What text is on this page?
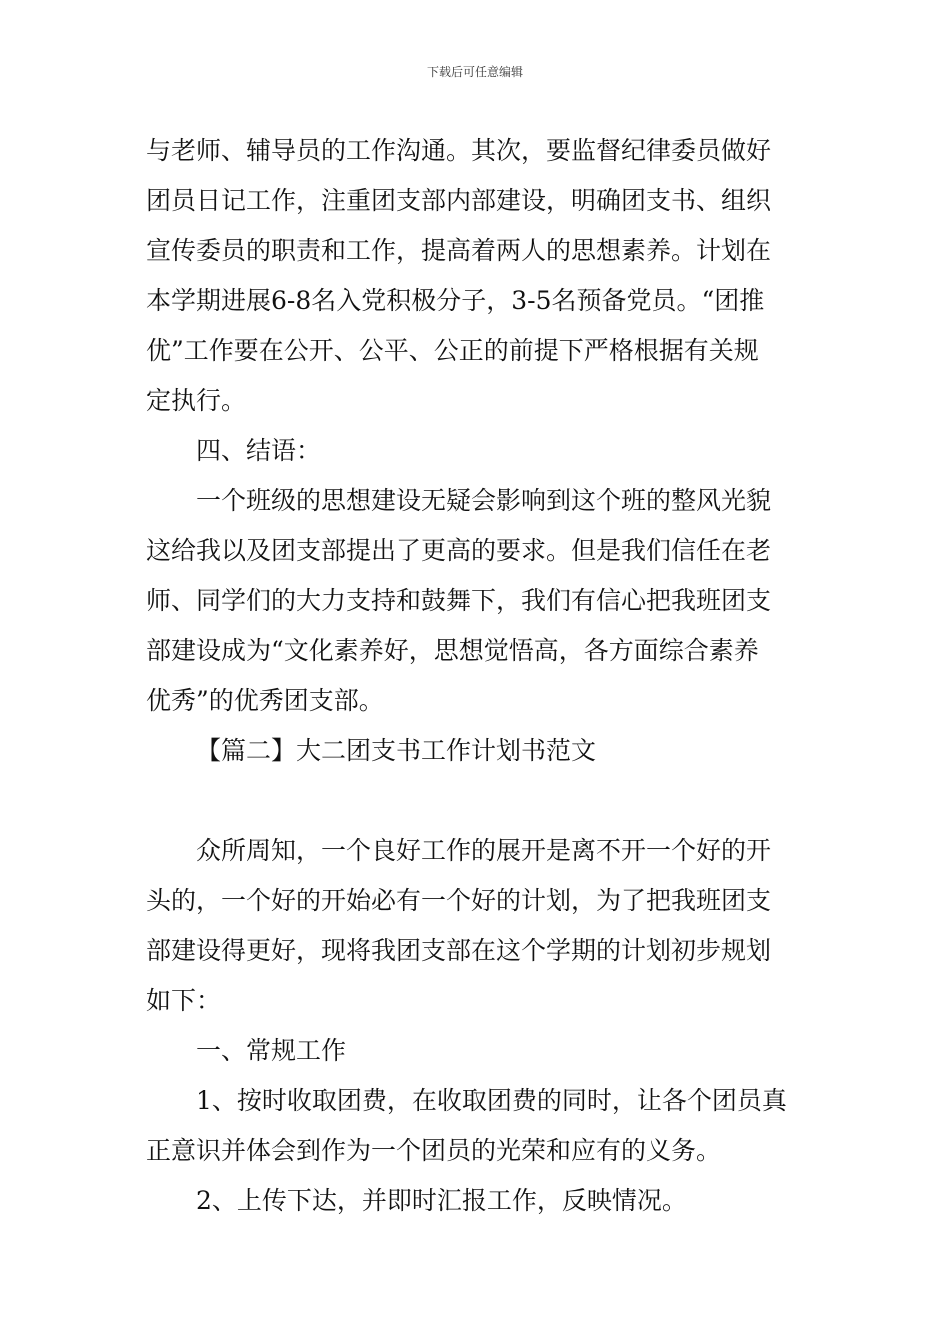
下载后可任意编辑
与老师、辅导员的工作沟通。其次，要监督纪律委员做好
团员日记工作，注重团支部内部建设，明确团支书、组织
宣传委员的职责和工作，提高着两人的思想素养。计划在
本学期进展6-8名入党积极分子，3-5名预备党员。“团推
优”工作要在公开、公平、公正的前提下严格根据有关规
定执行。
四、结语：
一个班级的思想建设无疑会影响到这个班的整风光貌
这给我以及团支部提出了更高的要求。但是我们信任在老
师、同学们的大力支持和鼓舞下，我们有信心把我班团支
部建设成为“文化素养好，思想觉悟高，各方面综合素养
优秀”的优秀团支部。
【篇二】大二团支书工作计划书范文
众所周知，一个良好工作的展开是离不开一个好的开
头的，一个好的开始必有一个好的计划，为了把我班团支
部建设得更好，现将我团支部在这个学期的计划初步规划
如下：
一、常规工作
1、按时收取团费，在收取团费的同时，让各个团员真
正意识并体会到作为一个团员的光荣和应有的义务。
2、上传下达，并即时汇报工作，反映情况。
